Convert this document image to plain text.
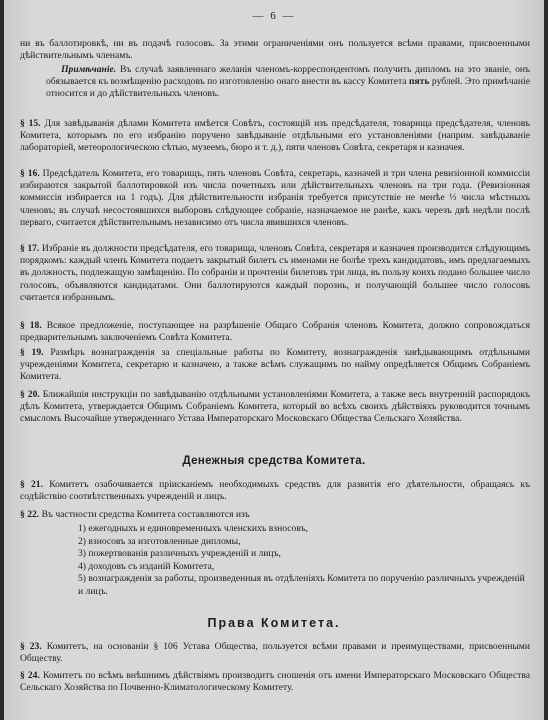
— 6 —
ни въ баллотировкѣ, ни въ подачѣ голосовъ. За этими ограниченіями онъ пользуется всѣми правами, присвоенными дѣйствительнымъ членамъ.
Примѣчаніе. Въ случаѣ заявленнаго желанія членомъ-корреспондентомъ получить дипломъ на это званіе, онъ обязывается къ возмѣщенію расходовъ по изготовленію онаго внести въ кассу Комитета пять рублей. Это примѣчаніе относится и до дѣйствительныхъ членовъ.
§ 15. Для завѣдыванія дѣлами Комитета имѣется Совѣтъ, состоящій изъ предсѣдателя, товарища предсѣдателя, членовъ Комитета, которымъ по его избранію поручено завѣдываніе отдѣльными его установленіями (наприм. завѣдываніе лабораторіей, метеорологическою сѣтью, музеемъ, бюро и т. д.), пяти членовъ Совѣта, секретаря и казначея.
§ 16. Предсѣдатель Комитета, его товарищъ, пять членовъ Совѣта, секретарь, казначей и три члена ревизіонной коммиссіи избираются закрытой баллотировкой изъ числа почетныхъ или дѣйствительныхъ членовъ на три года. (Ревизіонная коммиссія избирается на 1 годъ). Для дѣйствительности избранія требуется присутствіе не менѣе ⅓ числа мѣстныхъ членовъ; въ случаѣ несостоявшихся выборовъ слѣдующее собраніе, назначаемое не ранѣе, какъ черезъ двѣ недѣли послѣ перваго, считается дѣйствительнымъ независимо отъ числа явившихся членовъ.
§ 17. Избраніе въ должности предсѣдателя, его товарища, членовъ Совѣта, секретаря и казначея производится слѣдующимъ порядкомъ: каждый членъ Комитета подаетъ закрытый билетъ съ именами не болѣе трехъ кандидатовъ, имъ предлагаемыхъ въ должность, подлежащую замѣщенію. По собраніи и прочтеніи билетовъ три лица, въ пользу коихъ подано большее число голосовъ, объявляются кандидатами. Они баллотируются каждый порознь, и получающій большее число голосовъ считается избраннымъ.
§ 18. Всякое предложеніе, поступающее на разрѣшеніе Общаго Собранія членовъ Комитета, должно сопровождаться предварительнымъ заключеніемъ Совѣта Комитета.
§ 19. Размѣръ вознагражденія за спеціальные работы по Комитету, вознагражденія завѣдывающимъ отдѣльными учрежденіями Комитета, секретарю и казначею, а также всѣмъ служащимъ по найму опредѣляется Общимъ Собраніемъ Комитета.
§ 20. Ближайшія инструкціи по завѣдыванію отдѣльными установленіями Комитета, а также весь внутренній распорядокъ дѣлъ Комитета, утверждается Общимъ Собраніемъ Комитета, который во всѣхъ своихъ дѣйствіяхъ руководится точнымъ смысломъ Высочайше утвержденнаго Устава Императорскаго Московскаго Общества Сельскаго Хозяйства.
Денежныя средства Комитета.
§ 21. Комитетъ озабочивается пріисканіемъ необходимыхъ средствъ для развитія его дѣятельности, обращаясь къ содѣйствію соотвѣтственныхъ учрежденій и лицъ.
§ 22. Въ частности средства Комитета составляются изъ
1) ежегодныхъ и единовременныхъ членскихъ взносовъ,
2) взносовъ за изготовленные дипломы,
3) пожертвованія различныхъ учрежденій и лицъ,
4) доходовъ съ изданій Комитета,
5) вознагражденія за работы, произведенныя въ отдѣленіяхъ Комитета по порученію различныхъ учрежденій и лицъ.
Права Комитета.
§ 23. Комитетъ, на основаніи § 106 Устава Общества, пользуется всѣми правами и преимуществами, присвоенными Обществу.
§ 24. Комитетъ по всѣмъ внѣшнимъ дѣйствіямъ производитъ сношенія отъ имени Императорскаго Московскаго Общества Сельскаго Хозяйства по Почвенно-Климатологическому Комитету.
